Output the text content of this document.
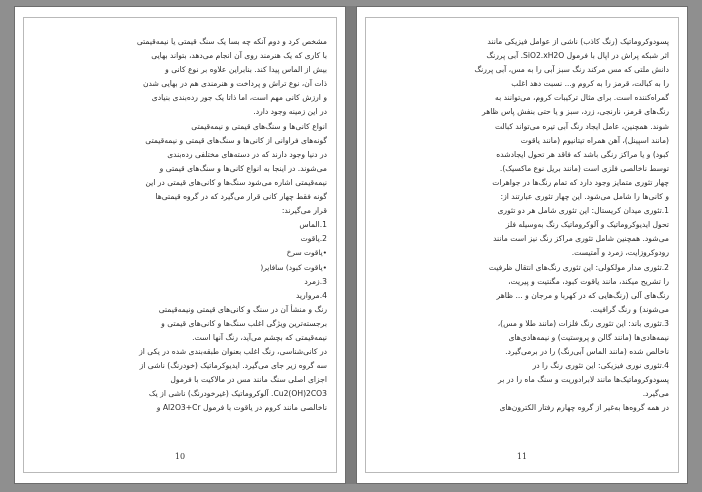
مشخص کرد و دوم آنکه چه بسا یک سنگ قیمتی یا نیمه‌قیمتی

با کاری که یک هنرمند روی آن انجام می‌دهد، بتواند بهایی

بیش از الماس پیدا کند. بنابراین علاوه بر نوع کانی و

ذات آن، نوع تراش و پرداخت و هنرمندی هم در بهایی شدن

و ارزش کانی مهم است، اما ذاتا یک جور رده‌بندی بنیادی

در این زمینه وجود دارد.

انواع کانی‌ها و سنگ‌های قیمتی و نیمه‌قیمتی

گونه‌های فراوانی از کانی‌ها و سنگ‌های قیمتی و نیمه‌قیمتی

در دنیا وجود دارند که در دسته‌های مختلفی رده‌بندی

می‌شوند. در اینجا به انواع کانی‌ها و سنگ‌های قیمتی و

نیمه‌قیمتی اشاره می‌شود سنگ‌ها و کانی‌های قیمتی در این

گونه فقط چهار کانی قرار می‌گیرد که در گروه قیمتی‌ها

قرار می‌گیرند:

1.الماس

2.یاقوت

•یاقوت سرخ

•یاقوت کبود) سافایر(

3.زمرد

4.مروارید

رنگ و منشأ آن در سنگ و کانی‌های قیمتی ونیمه‌قیمتی

برجسته‌ترین ویژگی اغلب سنگ‌ها و کانی‌های قیمتی و

نیمه‌قیمتی که بچشم می‌آید، رنگ آنها است.

در کانی‌شناسی، رنگ اغلب بعنوان طبقه‌بندی شده در یکی از

سه گروه زیر جای می‌گیرد. ایدیوکرماتیک (خودرنگ) ناشی از

اجزای اصلی سنگ مانند مس در مالاکیت با فرمول

Cu2(OH)2CO3. آلوکروماتیک (غیرخودرنگ) ناشی از یک

ناخالصی مانند کروم در یاقوت با فرمول Al2O3+Cr و

10

پسودوکروماتیک (رنگ کاذب) ناشی از عوامل فیزیکی مانند

اثر شبکه پراش در اپال با فرمول SiO2.xH2O. آبی پررنگ

دانش ملتی که مس مرکند رنگ سبز آبی را به مس، آبی پررنگ

را به کبالت، قرمز را به کروم و... نسبت دهد اغلب

گمراه‌کننده است. برای مثال ترکیبات کروم، می‌توانند به

رنگ‌های قرمز، نارنجی، زرد، سبز و یا حتی بنفش پاس ظاهر

شوند. همچنین، عامل ایجاد رنگ آبی تیره می‌تواند کبالت

(مانند اسپینل)، آهن همراه تیتانیوم (مانند یاقوت

کبود) و یا مراکز رنگی باشد که فاقد هر تحول ایجادشده

توسط ناخالصی فلزی است (مانند بریل نوع ماکسیک).

چهار تئوری متمایز وجود دارد که تمام رنگ‌ها در جواهرات

و کانی‌ها را شامل می‌شود. این چهار تئوری عبارتند از:

1.تئوری میدان کریستال: این تئوری شامل هر دو تئوری

تحول ایدیوکروماتیک و آلوکروماتیک رنگ به‌وسیله فلز

می‌شود. همچنین شامل تئوری مراکز رنگ نیز است مانند

رودوکروزایت، زمرد و آمتیست.

2.تئوری مدار مولکولی: این تئوری رنگ‌های انتقال ظرفیت

را تشریح میکند، مانند یاقوت کبود، مگنتیت و پیریت،

رنگ‌های آلی (رنگ‌هایی که در کهربا و مرجان و ... ظاهر

می‌شوند) و رنگ گرافیت.

3.تئوری باند: این تئوری رنگ فلزات (مانند طلا و مس)،

نیمه‌هادی‌ها (مانند گالن و پروستیت) و نیمه‌هادی‌های

ناخالص شده (مانند الماس آبی‌رنگ) را در برمی‌گیرد.

4.تئوری نوری فیزیکی: این تئوری رنگ را در

پسودوکروماتیک‌ها مانند لابرادوریت و سنگ ماه را در بر

می‌گیرد.

در همه گروه‌ها به‌غیر از گروه چهارم رفتار الکترون‌های

11
